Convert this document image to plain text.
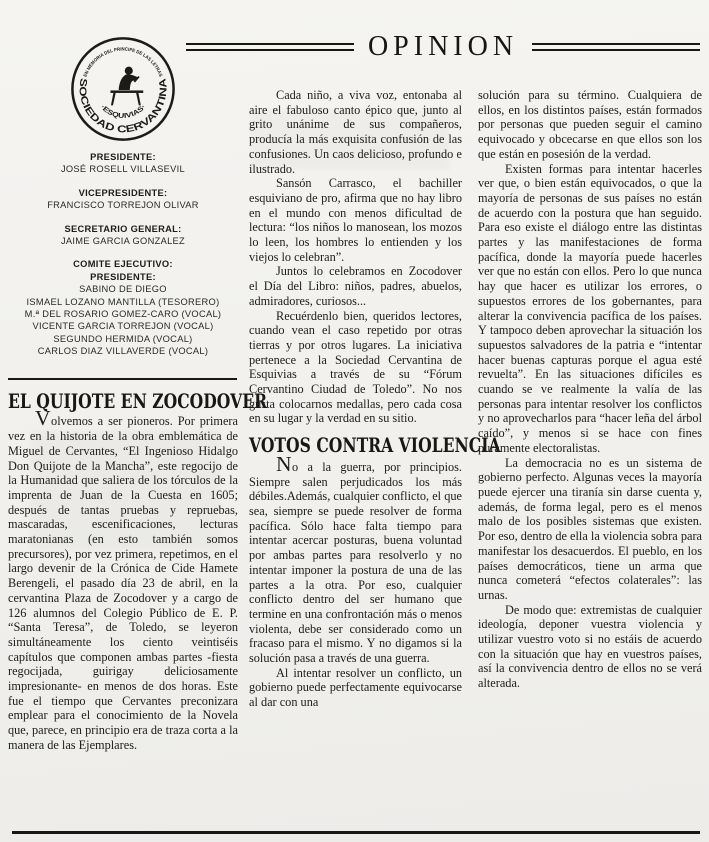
OPINION
SOCIEDAD CERVANTINA
EN MEMORIA DEL PRINCIPE DE LAS LETRAS
·ESQUIVIAS·
PRESIDENTE:
JOSÉ ROSELL VILLASEVIL
VICEPRESIDENTE:
FRANCISCO TORREJON OLIVAR
SECRETARIO GENERAL:
JAIME GARCIA GONZALEZ
COMITE EJECUTIVO:
PRESIDENTE:
SABINO DE DIEGO
ISMAEL LOZANO MANTILLA (TESORERO)
M.ª DEL ROSARIO GOMEZ-CARO (VOCAL)
VICENTE GARCIA TORREJON (VOCAL)
SEGUNDO HERMIDA (VOCAL)
CARLOS DIAZ VILLAVERDE (VOCAL)
EL QUIJOTE EN ZOCODOVER

Volvemos a ser pioneros. Por primera vez en la historia de la obra emblemática de Miguel de Cervantes, “El Ingenioso Hidalgo Don Quijote de la Mancha”, este regocijo de la Humanidad que saliera de los tórculos de la imprenta de Juan de la Cuesta en 1605; después de tantas pruebas y repruebas, mascaradas, escenificaciones, lecturas maratonianas (en esto también somos precursores), por vez primera, repetimos, en el largo devenir de la Crónica de Cide Hamete Berengeli, el pasado día 23 de abril, en la cervantina Plaza de Zocodover y a cargo de 126 alumnos del Colegio Público de E. P. “Santa Teresa”, de Toledo, se leyeron simultáneamente los ciento veintiséis capítulos que componen ambas partes -fiesta regocijada, guirigay deliciosamente impresionante- en menos de dos horas. Este fue el tiempo que Cervantes preconizara emplear para el conocimiento de la Novela que, parece, en principio era de traza corta a la manera de las Ejemplares.

Cada niño, a viva voz, entonaba al aire el fabuloso canto épico que, junto al grito unánime de sus compañeros, producía la más exquisita confusión de las confusiones. Un caos delicioso, profundo e ilustrado.

Sansón Carrasco, el bachiller esquiviano de pro, afirma que no hay libro en el mundo con menos dificultad de lectura: “los niños lo manosean, los mozos lo leen, los hombres lo entienden y los viejos lo celebran”.

Juntos lo celebramos en Zocodover el Día del Libro: niños, padres, abuelos, admiradores, curiosos...

Recuérdenlo bien, queridos lectores, cuando vean el caso repetido por otras tierras y por otros lugares. La iniciativa pertenece a la Sociedad Cervantina de Esquivias a través de su “Fórum Cervantino Ciudad de Toledo”. No nos gusta colocarnos medallas, pero cada cosa en su lugar y la verdad en su sitio.

VOTOS CONTRA VIOLENCIA

No a la guerra, por principios. Siempre salen perjudicados los más débiles.Además, cualquier conflicto, el que sea, siempre se puede resolver de forma pacífica. Sólo hace falta tiempo para intentar acercar posturas, buena voluntad por ambas partes para resolverlo y no intentar imponer la postura de una de las partes a la otra. Por eso, cualquier conflicto dentro del ser humano que termine en una confrontación más o menos violenta, debe ser considerado como un fracaso para el mismo. Y no digamos si la solución pasa a través de una guerra.

Al intentar resolver un conflicto, un gobierno puede perfectamente equivocarse al dar con una

solución para su término. Cualquiera de ellos, en los distintos países, están formados por personas que pueden seguir el camino equivocado y obcecarse en que ellos son los que están en posesión de la verdad.

Existen formas para intentar hacerles ver que, o bien están equivocados, o que la mayoría de personas de sus países no están de acuerdo con la postura que han seguido. Para eso existe el diálogo entre las distintas partes y las manifestaciones de forma pacífica, donde la mayoría puede hacerles ver que no están con ellos. Pero lo que nunca hay que hacer es utilizar los errores, o supuestos errores de los gobernantes, para alterar la convivencia pacífica de los países. Y tampoco deben aprovechar la situación los supuestos salvadores de la patria e “intentar hacer buenas capturas porque el agua esté revuelta”. En las situaciones difíciles es cuando se ve realmente la valía de las personas para intentar resolver los conflictos y no aprovecharlos para “hacer leña del árbol caído”, y menos si se hace con fines puramente electoralistas.

La democracia no es un sistema de gobierno perfecto. Algunas veces la mayoría puede ejercer una tiranía sin darse cuenta y, además, de forma legal, pero es el menos malo de los posibles sistemas que existen. Por eso, dentro de ella la violencia sobra para manifestar los desacuerdos. El pueblo, en los países democráticos, tiene un arma que nunca cometerá “efectos colaterales”: las urnas.

De modo que: extremistas de cualquier ideología, deponer vuestra violencia y utilizar vuestro voto si no estáis de acuerdo con la situación que hay en vuestros países, así la convivencia dentro de ellos no se verá alterada.
